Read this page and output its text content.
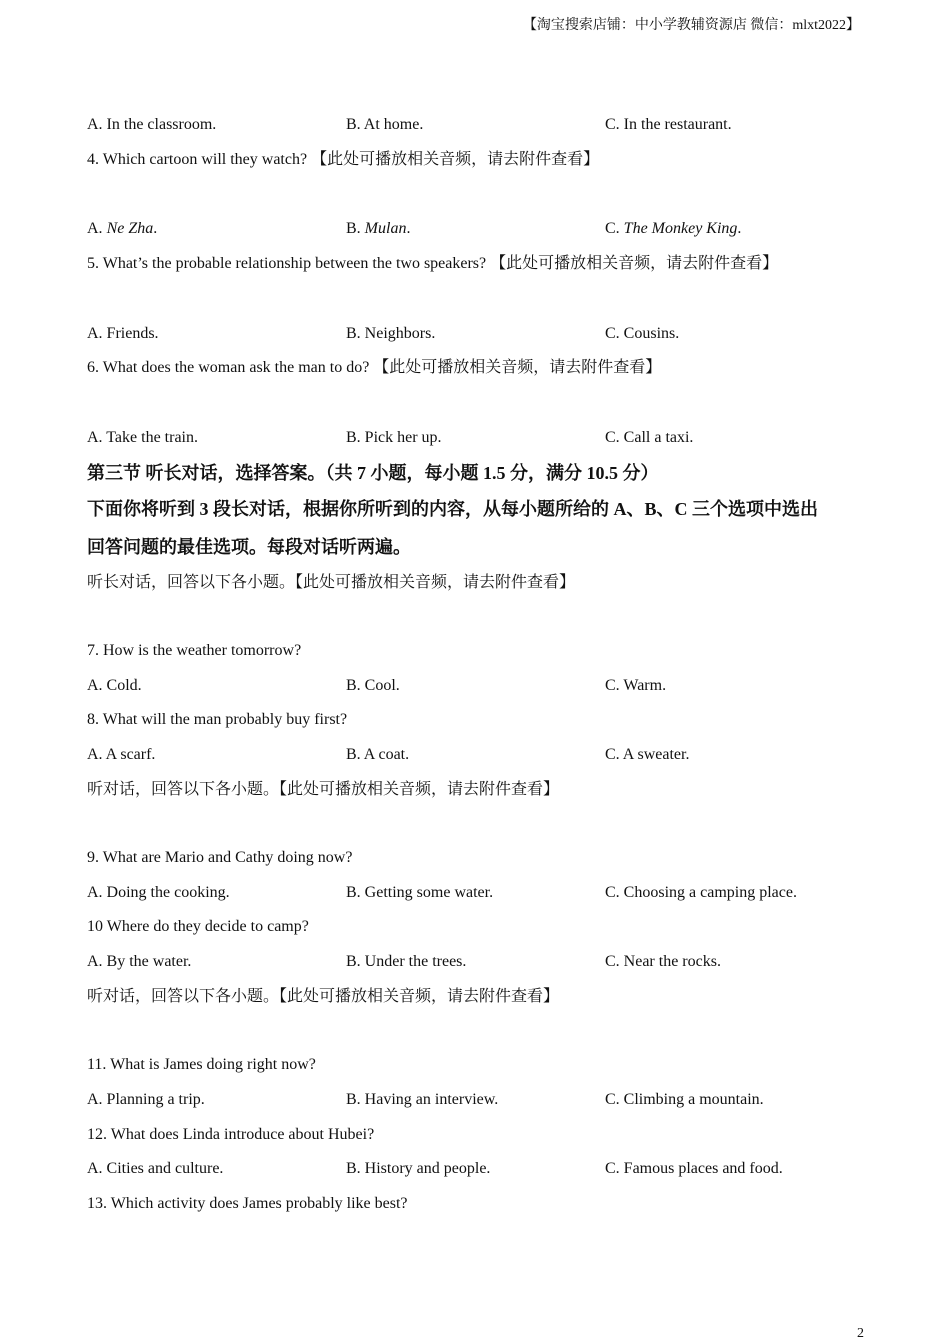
【淘宝搜索店铺：中小学教辅资源店 微信：mlxt2022】
A. In the classroom.	B. At home.	C. In the restaurant.
4. Which cartoon will they watch? 【此处可播放相关音频，请去附件查看】
A. Ne Zha.	B. Mulan.	C. The Monkey King.
5. What’s the probable relationship between the two speakers? 【此处可播放相关音频，请去附件查看】
A. Friends.	B. Neighbors.	C. Cousins.
6. What does the woman ask the man to do? 【此处可播放相关音频，请去附件查看】
A. Take the train.	B. Pick her up.	C. Call a taxi.
第三节 听长对话，选择答案。（共 7 小题，每小题 1.5 分，满分 10.5 分）
下面你将听到 3 段长对话，根据你所听到的内容，从每小题所给的 A、B、C 三个选项中选出
回答问题的最佳选项。每段对话听两遍。
听长对话，回答以下各小题。【此处可播放相关音频，请去附件查看】
7. How is the weather tomorrow?
A. Cold.	B. Cool.	C. Warm.
8. What will the man probably buy first?
A. A scarf.	B. A coat.	C. A sweater.
听对话，回答以下各小题。【此处可播放相关音频，请去附件查看】
9. What are Mario and Cathy doing now?
A. Doing the cooking.	B. Getting some water.	C. Choosing a camping place.
10 Where do they decide to camp?
A. By the water.	B. Under the trees.	C. Near the rocks.
听对话，回答以下各小题。【此处可播放相关音频，请去附件查看】
11. What is James doing right now?
A. Planning a trip.	B. Having an interview.	C. Climbing a mountain.
12. What does Linda introduce about Hubei?
A. Cities and culture.	B. History and people.	C. Famous places and food.
13. Which activity does James probably like best?
2
